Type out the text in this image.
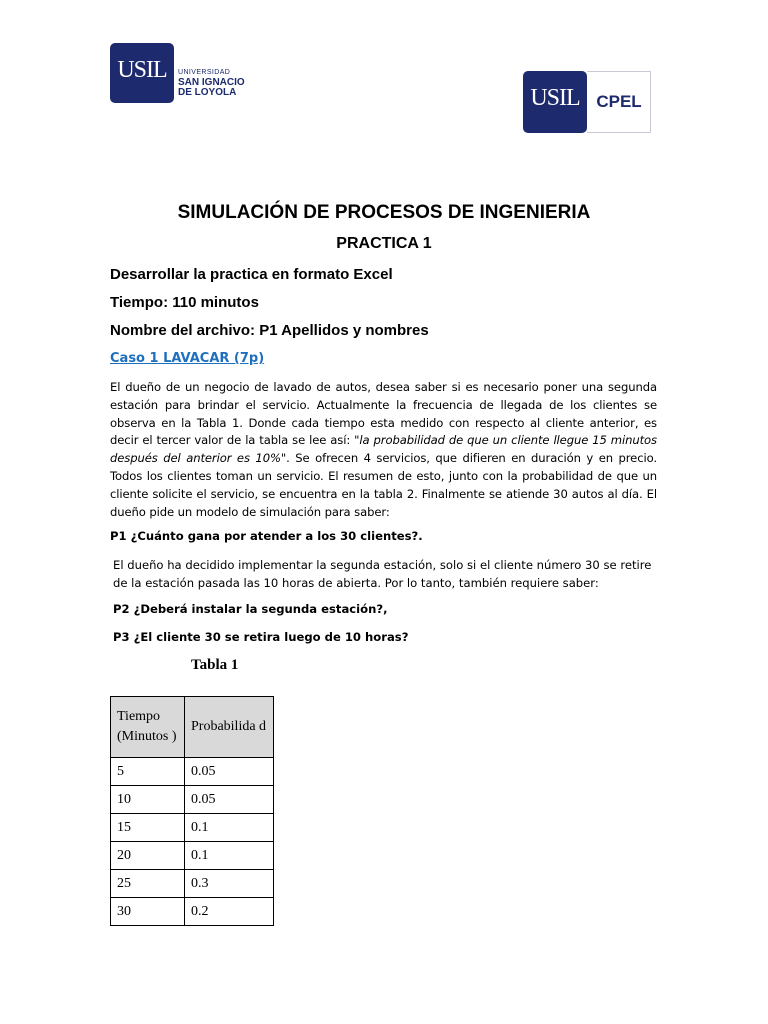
USIL	UNIVERSIDAD
SAN IGNACIO
DE LOYOLA	USIL CPEL
SIMULACIÓN DE PROCESOS DE INGENIERIA
PRACTICA 1
Desarrollar la practica en formato Excel
Tiempo: 110 minutos
Nombre del archivo: P1 Apellidos y nombres
Caso 1 LAVACAR (7p)
El dueño de un negocio de lavado de autos, desea saber si es necesario poner una segunda estación para brindar el servicio. Actualmente la frecuencia de llegada de los clientes se observa en la Tabla 1. Donde cada tiempo esta medido con respecto al cliente anterior, es decir el tercer valor de la tabla se lee así: "la probabilidad de que un cliente llegue 15 minutos después del anterior es 10%". Se ofrecen 4 servicios, que difieren en duración y en precio. Todos los clientes toman un servicio. El resumen de esto, junto con la probabilidad de que un cliente solicite el servicio, se encuentra en la tabla 2. Finalmente se atiende 30 autos al día. El dueño pide un modelo de simulación para saber:
P1 ¿Cuánto gana por atender a los 30 clientes?.
El dueño ha decidido implementar la segunda estación, solo si el cliente número 30 se retire de la estación pasada las 10 horas de abierta. Por lo tanto, también requiere saber:
P2 ¿Deberá instalar la segunda estación?,
P3 ¿El cliente 30 se retira luego de 10 horas?
Tabla 1
Tiempo (Minutos )	Probabilida d
5	0.05
10	0.05
15	0.1
20	0.1
25	0.3
30	0.2
